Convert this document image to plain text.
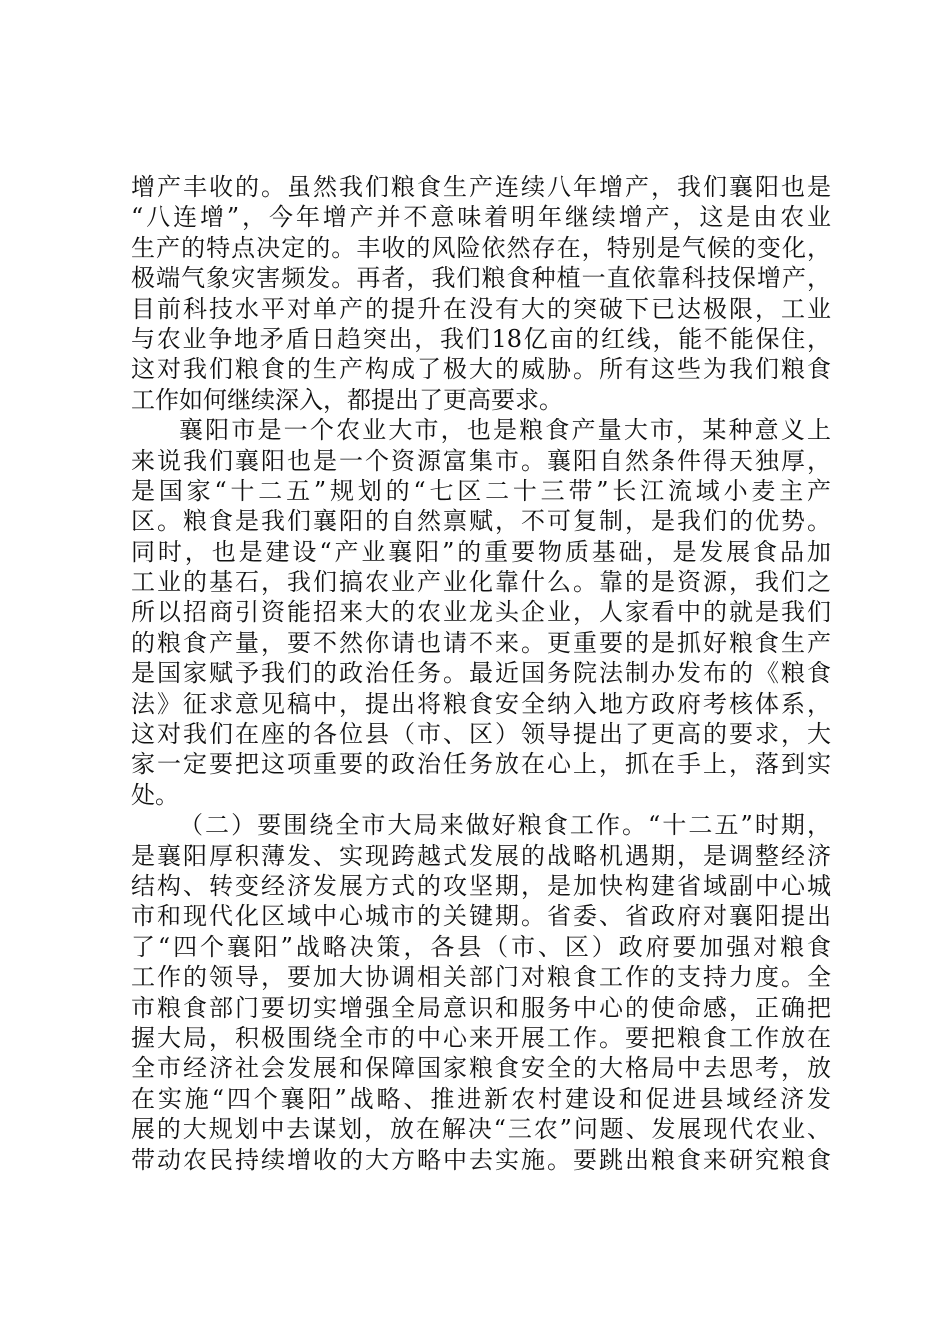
增产丰收的。虽然我们粮食生产连续八年增产，我们襄阳也是
“八连增”，今年增产并不意味着明年继续增产，这是由农业
生产的特点决定的。丰收的风险依然存在，特别是气候的变化，
极端气象灾害频发。再者，我们粮食种植一直依靠科技保增产，
目前科技水平对单产的提升在没有大的突破下已达极限，工业
与农业争地矛盾日趋突出，我们18亿亩的红线，能不能保住，
这对我们粮食的生产构成了极大的威胁。所有这些为我们粮食
工作如何继续深入，都提出了更高要求。
襄阳市是一个农业大市，也是粮食产量大市，某种意义上
来说我们襄阳也是一个资源富集市。襄阳自然条件得天独厚，
是国家“十二五”规划的“七区二十三带”长江流域小麦主产
区。粮食是我们襄阳的自然禀赋，不可复制，是我们的优势。
同时，也是建设“产业襄阳”的重要物质基础，是发展食品加
工业的基石，我们搞农业产业化靠什么。靠的是资源，我们之
所以招商引资能招来大的农业龙头企业，人家看中的就是我们
的粮食产量，要不然你请也请不来。更重要的是抓好粮食生产
是国家赋予我们的政治任务。最近国务院法制办发布的《粮食
法》征求意见稿中，提出将粮食安全纳入地方政府考核体系，
这对我们在座的各位县（市、区）领导提出了更高的要求，大
家一定要把这项重要的政治任务放在心上，抓在手上，落到实
处。
（二）要围绕全市大局来做好粮食工作。“十二五”时期，
是襄阳厚积薄发、实现跨越式发展的战略机遇期，是调整经济
结构、转变经济发展方式的攻坚期，是加快构建省域副中心城
市和现代化区域中心城市的关键期。省委、省政府对襄阳提出
了“四个襄阳”战略决策，各县（市、区）政府要加强对粮食
工作的领导，要加大协调相关部门对粮食工作的支持力度。全
市粮食部门要切实增强全局意识和服务中心的使命感，正确把
握大局，积极围绕全市的中心来开展工作。要把粮食工作放在
全市经济社会发展和保障国家粮食安全的大格局中去思考，放
在实施“四个襄阳”战略、推进新农村建设和促进县域经济发
展的大规划中去谋划，放在解决“三农”问题、发展现代农业、
带动农民持续增收的大方略中去实施。要跳出粮食来研究粮食
